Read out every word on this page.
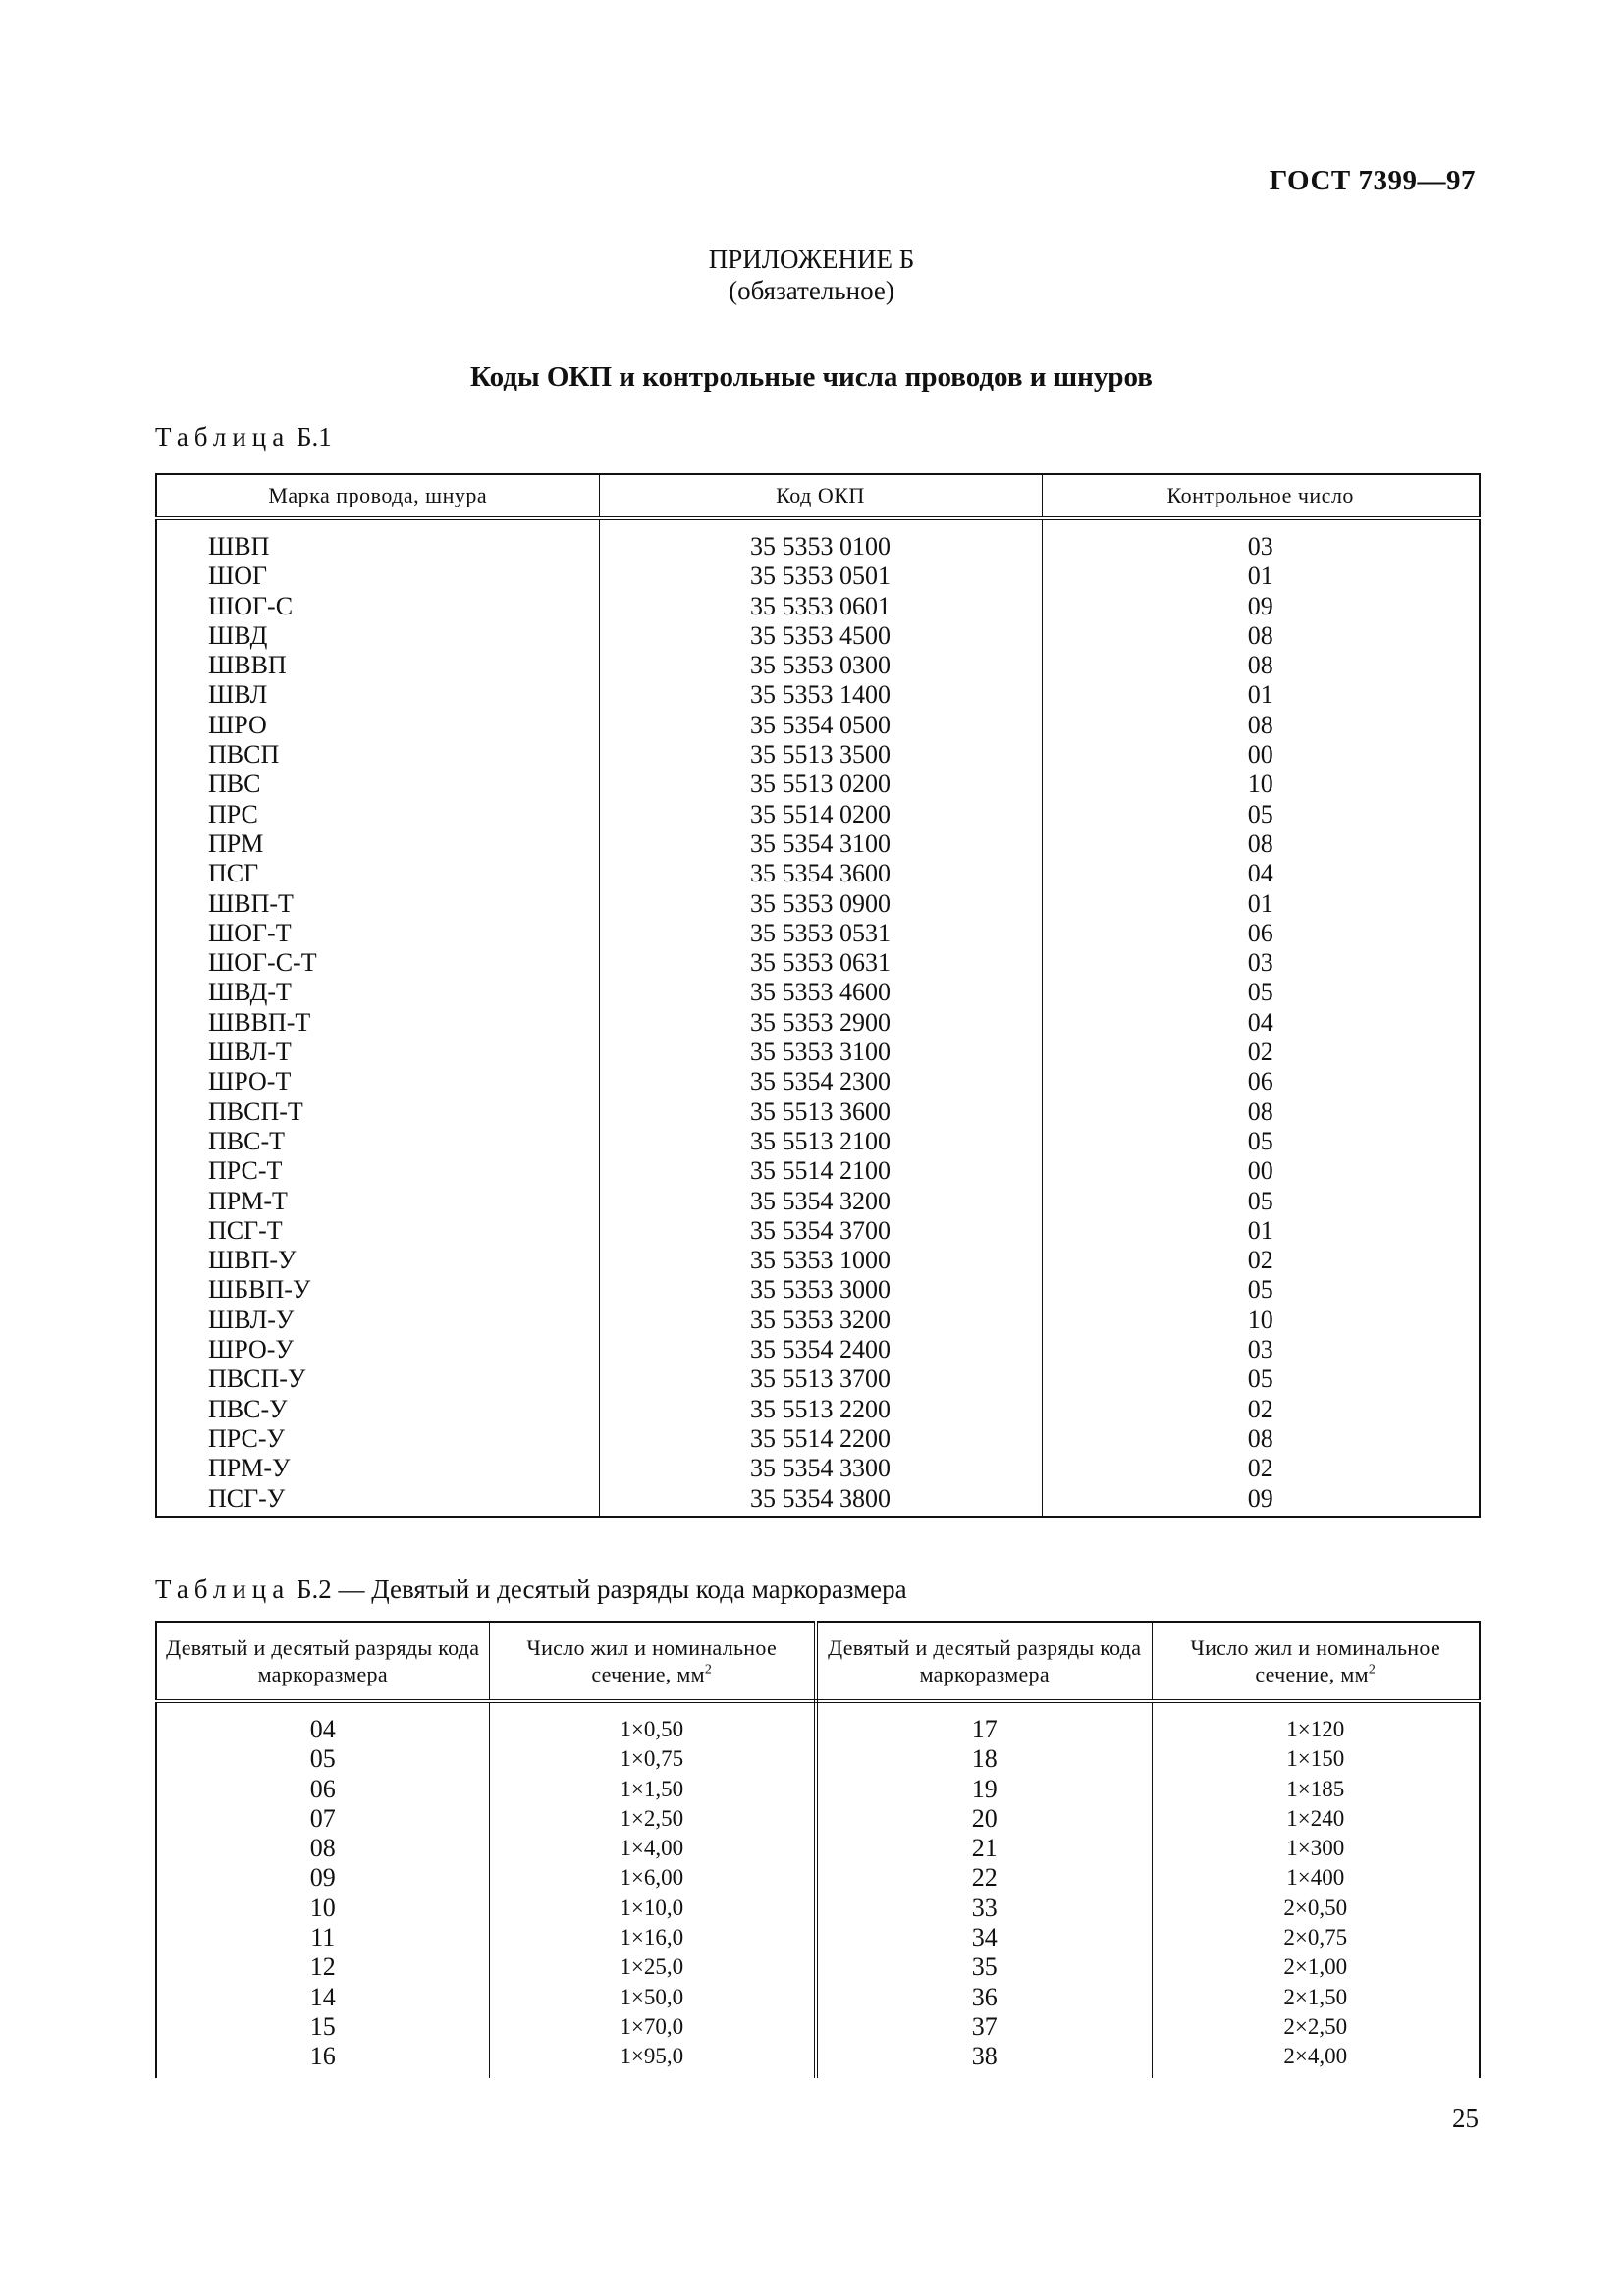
ГОСТ 7399—97
ПРИЛОЖЕНИЕ Б
(обязательное)
Коды ОКП и контрольные числа проводов и шнуров
Таблица Б.1
Марка провода, шнура	Код ОКП	Контрольное число
ШВП	35 5353 0100	03
ШОГ	35 5353 0501	01
ШОГ-С	35 5353 0601	09
ШВД	35 5353 4500	08
ШВВП	35 5353 0300	08
ШВЛ	35 5353 1400	01
ШРО	35 5354 0500	08
ПВСП	35 5513 3500	00
ПВС	35 5513 0200	10
ПРС	35 5514 0200	05
ПРМ	35 5354 3100	08
ПСГ	35 5354 3600	04
ШВП-Т	35 5353 0900	01
ШОГ-Т	35 5353 0531	06
ШОГ-С-Т	35 5353 0631	03
ШВД-Т	35 5353 4600	05
ШВВП-Т	35 5353 2900	04
ШВЛ-Т	35 5353 3100	02
ШРО-Т	35 5354 2300	06
ПВСП-Т	35 5513 3600	08
ПВС-Т	35 5513 2100	05
ПРС-Т	35 5514 2100	00
ПРМ-Т	35 5354 3200	05
ПСГ-Т	35 5354 3700	01
ШВП-У	35 5353 1000	02
ШБВП-У	35 5353 3000	05
ШВЛ-У	35 5353 3200	10
ШРО-У	35 5354 2400	03
ПВСП-У	35 5513 3700	05
ПВС-У	35 5513 2200	02
ПРС-У	35 5514 2200	08
ПРМ-У	35 5354 3300	02
ПСГ-У	35 5354 3800	09
Таблица Б.2 — Девятый и десятый разряды кода маркоразмера
Девятый и десятый разряды кода маркоразмера	Число жил и номинальное сечение, $мм^2$	Девятый и десятый разряды кода маркоразмера	Число жил и номинальное сечение, $мм^2$
04	1×0,50	17	1×120
05	1×0,75	18	1×150
06	1×1,50	19	1×185
07	1×2,50	20	1×240
08	1×4,00	21	1×300
09	1×6,00	22	1×400
10	1×10,0	33	2×0,50
11	1×16,0	34	2×0,75
12	1×25,0	35	2×1,00
14	1×50,0	36	2×1,50
15	1×70,0	37	2×2,50
16	1×95,0	38	2×4,00
25
